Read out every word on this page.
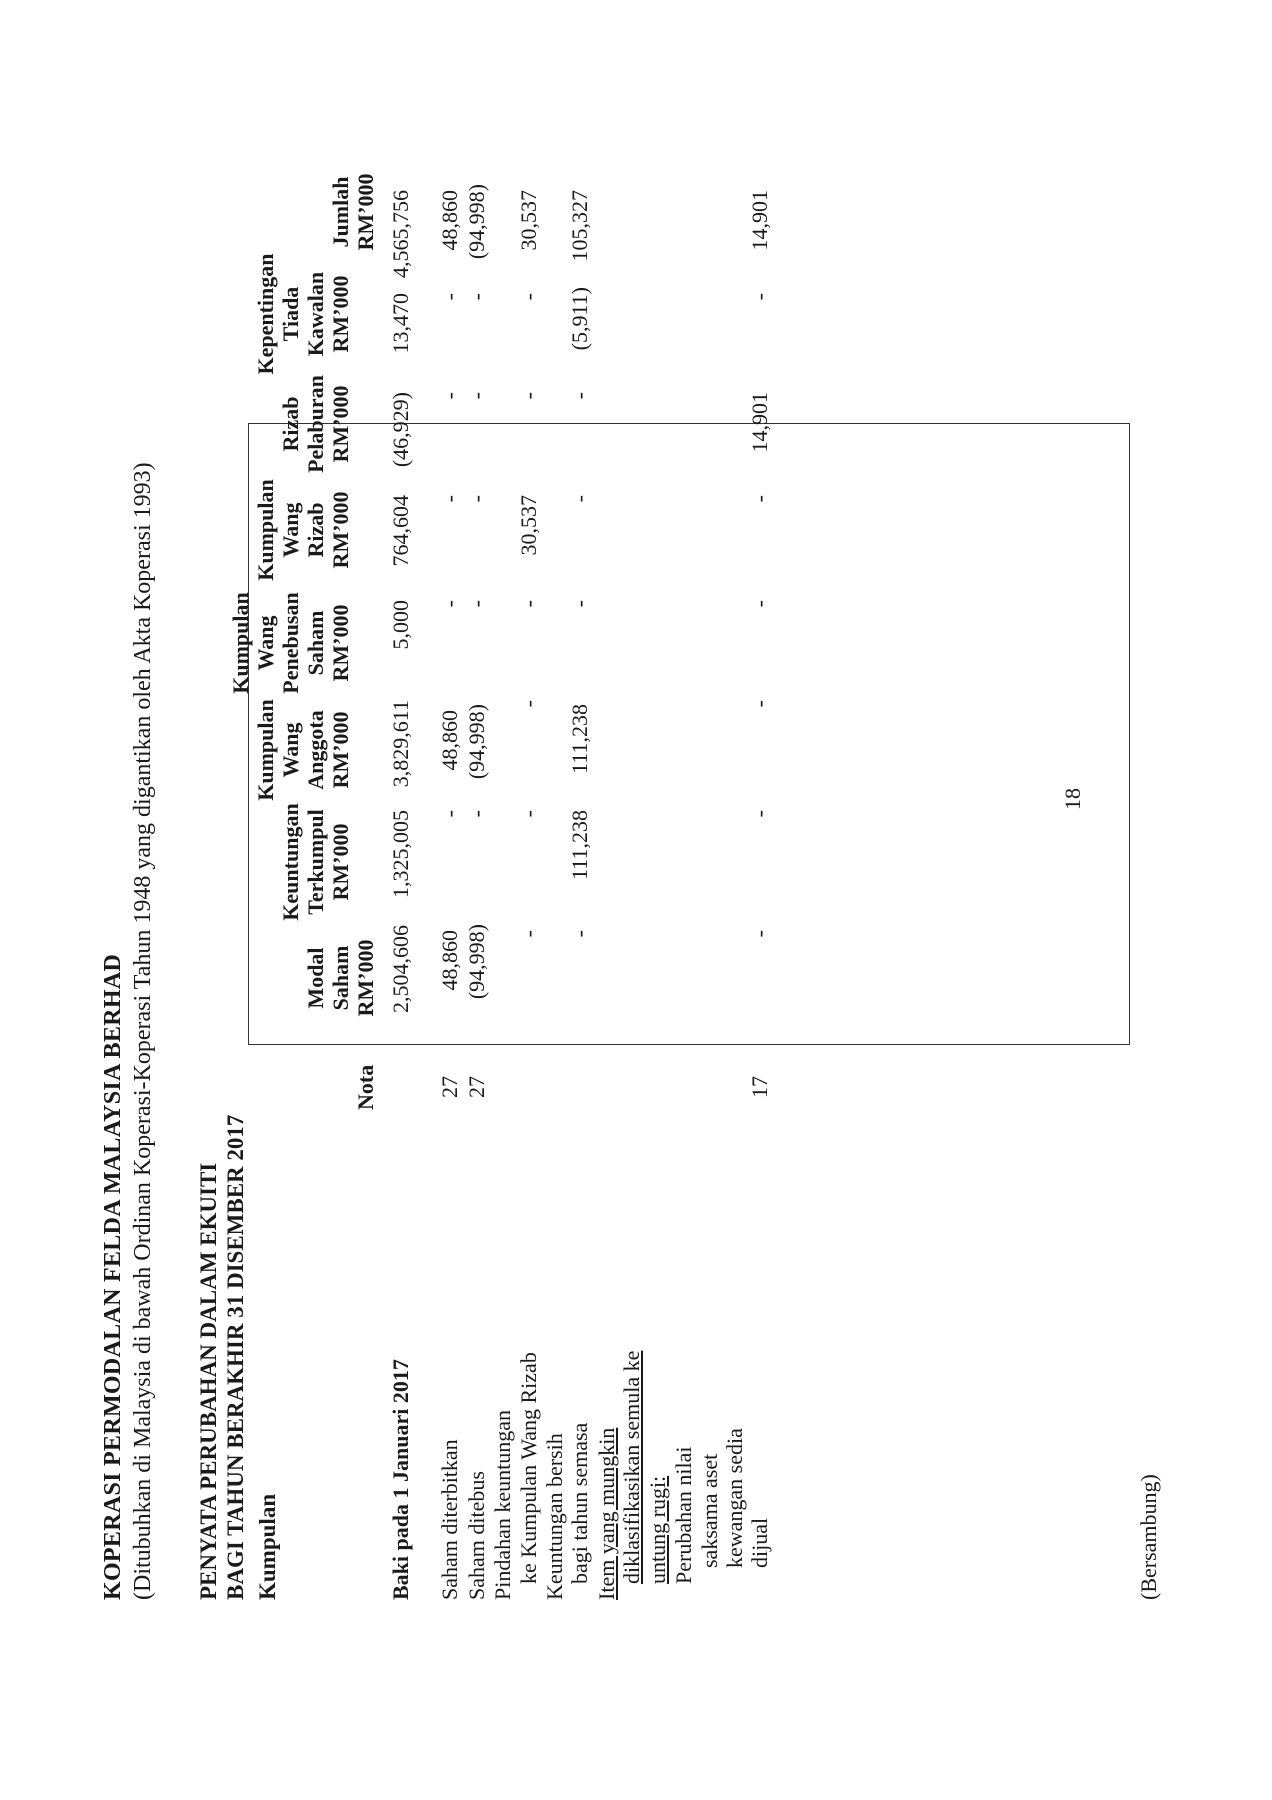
KOPERASI PERMODALAN FELDA MALAYSIA BERHAD (Ditubuhkan di Malaysia di bawah Ordinan Koperasi-Koperasi Tahun 1948 yang digantikan oleh Akta Koperasi 1993) PENYATA PERUBAHAN DALAM EKUITI BAGI TAHUN BERAKHIR 31 DISEMBER 2017 Kumpulan
Nota
Modal Saham RM’000
Keuntungan Terkumpul RM’000
Kumpulan Wang Anggota RM’000
Kumpulan Wang Penebusan Saham RM’000
Kumpulan Wang Rizab RM’000
Rizab Pelaburan RM’000
Kepentingan Tiada Kawalan RM’000
Jumlah RM’000
Baki pada 1 Januari 2017
2,504,606
1,325,005
3,829,611
5,000
764,604
(46,929)
13,470
4,565,756
Saham diterbitkan
27
48,860
-
48,860
-
-
-
-
48,860
Saham ditebus
27
(94,998)
-
(94,998)
-
-
-
-
(94,998)
Pindahan keuntungan ke Kumpulan Wang Rizab
-
-
-
-
30,537
-
-
30,537
Keuntungan bersih bagi tahun semasa
-
111,238
111,238
-
-
-
(5,911)
105,327
Item yang mungkin diklasifikasikan semula ke untung rugi: Perubahan nilai saksama aset kewangan sedia dijual
17
-
-
-
-
-
14,901
-
14,901
18
(Bersambung)
